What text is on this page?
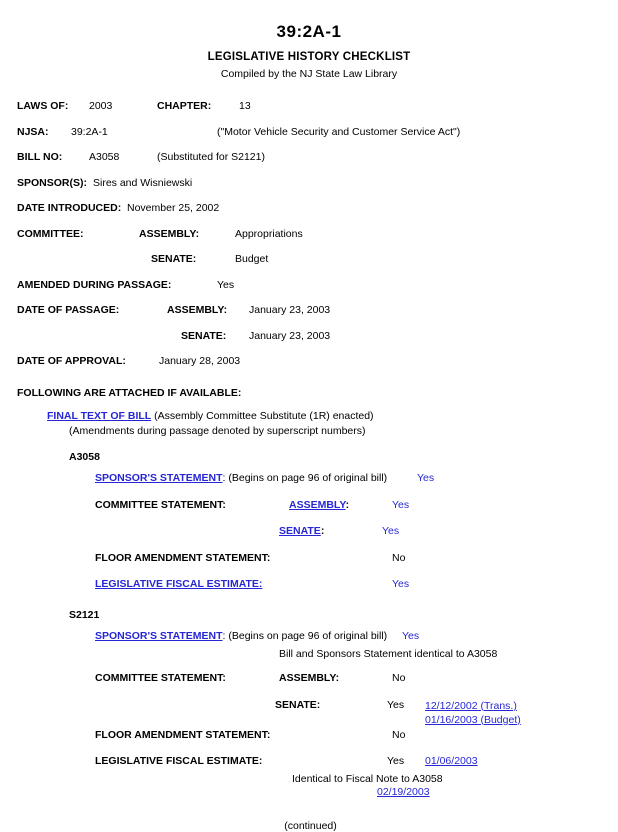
39:2A-1
LEGISLATIVE HISTORY CHECKLIST
Compiled by the NJ State Law Library
LAWS OF: 2003	CHAPTER:	13
NJSA: 39:2A-1	("Motor Vehicle Security and Customer Service Act")
BILL NO:	A3058	(Substituted for S2121)
SPONSOR(S): Sires and Wisniewski
DATE INTRODUCED: November 25, 2002
COMMITTEE:	ASSEMBLY:	Appropriations
SENATE:	Budget
AMENDED DURING PASSAGE:	Yes
DATE OF PASSAGE:	ASSEMBLY: January 23, 2003
SENATE: January 23, 2003
DATE OF APPROVAL:	January 28, 2003
FOLLOWING ARE ATTACHED IF AVAILABLE:
FINAL TEXT OF BILL (Assembly Committee Substitute (1R) enacted)
(Amendments during passage denoted by superscript numbers)
A3058
SPONSOR'S STATEMENT: (Begins on page 96 of original bill)	Yes
COMMITTEE STATEMENT:	ASSEMBLY:	Yes
SENATE:	Yes
FLOOR AMENDMENT STATEMENT:	No
LEGISLATIVE FISCAL ESTIMATE:	Yes
S2121
SPONSOR'S STATEMENT: (Begins on page 96 of original bill) Yes
Bill and Sponsors Statement identical to A3058
COMMITTEE STATEMENT:	ASSEMBLY:	No
SENATE:	Yes 12/12/2002 (Trans.)
01/16/2003 (Budget)
FLOOR AMENDMENT STATEMENT:	No
LEGISLATIVE FISCAL ESTIMATE:	Yes 01/06/2003
Identical to Fiscal Note to A3058
02/19/2003
(continued)
